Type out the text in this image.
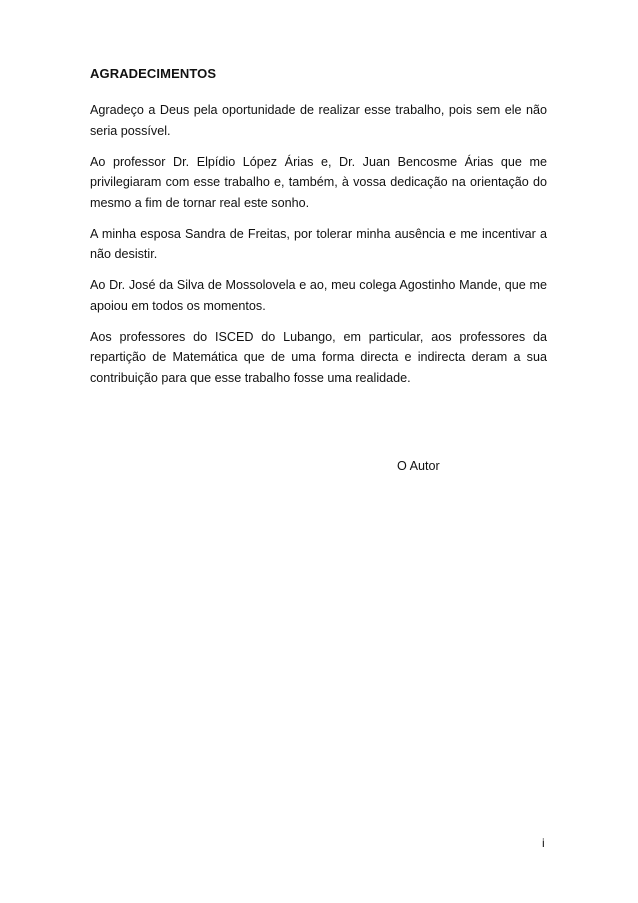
AGRADECIMENTOS

Agradeço a Deus pela oportunidade de realizar esse trabalho, pois sem ele não seria possível.

Ao professor Dr. Elpídio López Árias e, Dr. Juan Bencosme Árias que me privilegiaram com esse trabalho e, também, à vossa dedicação na orientação do mesmo a fim de tornar real este sonho.

A minha esposa Sandra de Freitas, por tolerar minha ausência e me incentivar a não desistir.

Ao Dr. José da Silva de Mossolovela e ao, meu colega Agostinho Mande, que me apoiou em todos os momentos.

Aos professores do ISCED do Lubango, em particular, aos professores da repartição de Matemática que de uma forma directa e indirecta deram a sua contribuição para que esse trabalho fosse uma realidade.

O Autor

i
